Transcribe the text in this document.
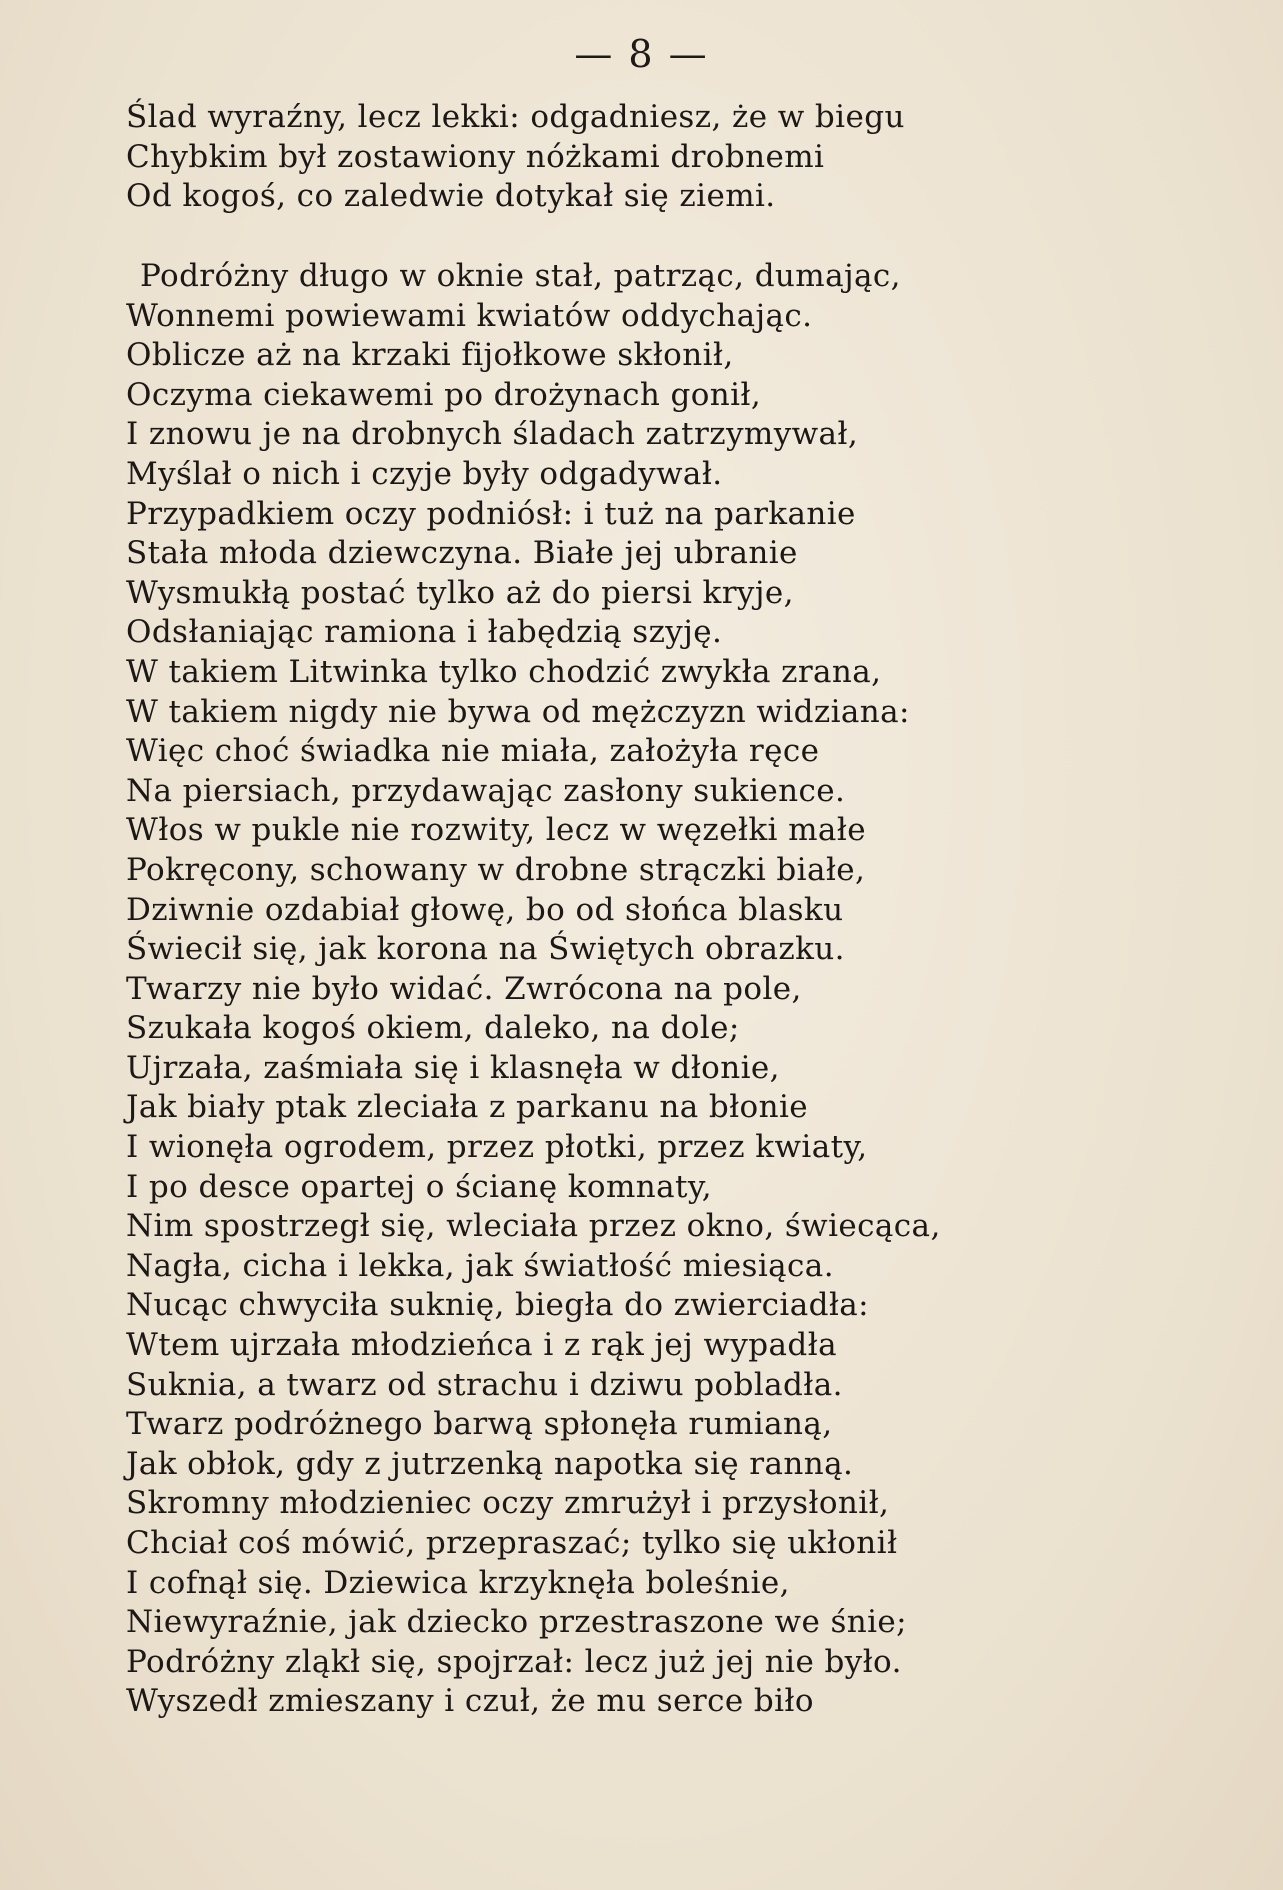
— 8 —
Ślad wyraźny, lecz lekki: odgadniesz, że w biegu
Chybkim był zostawiony nóżkami drobnemi
Od kogoś, co zaledwie dotykał się ziemi.
Podróżny długo w oknie stał, patrząc, dumając,
Wonnemi powiewami kwiatów oddychając.
Oblicze aż na krzaki fijołkowe skłonił,
Oczyma ciekawemi po drożynach gonił,
I znowu je na drobnych śladach zatrzymywał,
Myślał o nich i czyje były odgadywał.
Przypadkiem oczy podniósł: i tuż na parkanie
Stała młoda dziewczyna. Białe jej ubranie
Wysmukłą postać tylko aż do piersi kryje,
Odsłaniając ramiona i łabędzią szyję.
W takiem Litwinka tylko chodzić zwykła zrana,
W takiem nigdy nie bywa od mężczyzn widziana:
Więc choć świadka nie miała, założyła ręce
Na piersiach, przydawając zasłony sukience.
Włos w pukle nie rozwity, lecz w węzełki małe
Pokręcony, schowany w drobne strączki białe,
Dziwnie ozdabiał głowę, bo od słońca blasku
Świecił się, jak korona na Świętych obrazku.
Twarzy nie było widać. Zwrócona na pole,
Szukała kogoś okiem, daleko, na dole;
Ujrzała, zaśmiała się i klasnęła w dłonie,
Jak biały ptak zleciała z parkanu na błonie
I wionęła ogrodem, przez płotki, przez kwiaty,
I po desce opartej o ścianę komnaty,
Nim spostrzegł się, wleciała przez okno, świecąca,
Nagła, cicha i lekka, jak światłość miesiąca.
Nucąc chwyciła suknię, biegła do zwierciadła:
Wtem ujrzała młodzieńca i z rąk jej wypadła
Suknia, a twarz od strachu i dziwu pobladła.
Twarz podróżnego barwą spłonęła rumianą,
Jak obłok, gdy z jutrzenką napotka się ranną.
Skromny młodzieniec oczy zmrużył i przysłonił,
Chciał coś mówić, przepraszać; tylko się ukłonił
I cofnął się. Dziewica krzyknęła boleśnie,
Niewyraźnie, jak dziecko przestraszone we śnie;
Podróżny zląkł się, spojrzał: lecz już jej nie było.
Wyszedł zmieszany i czuł, że mu serce biło
